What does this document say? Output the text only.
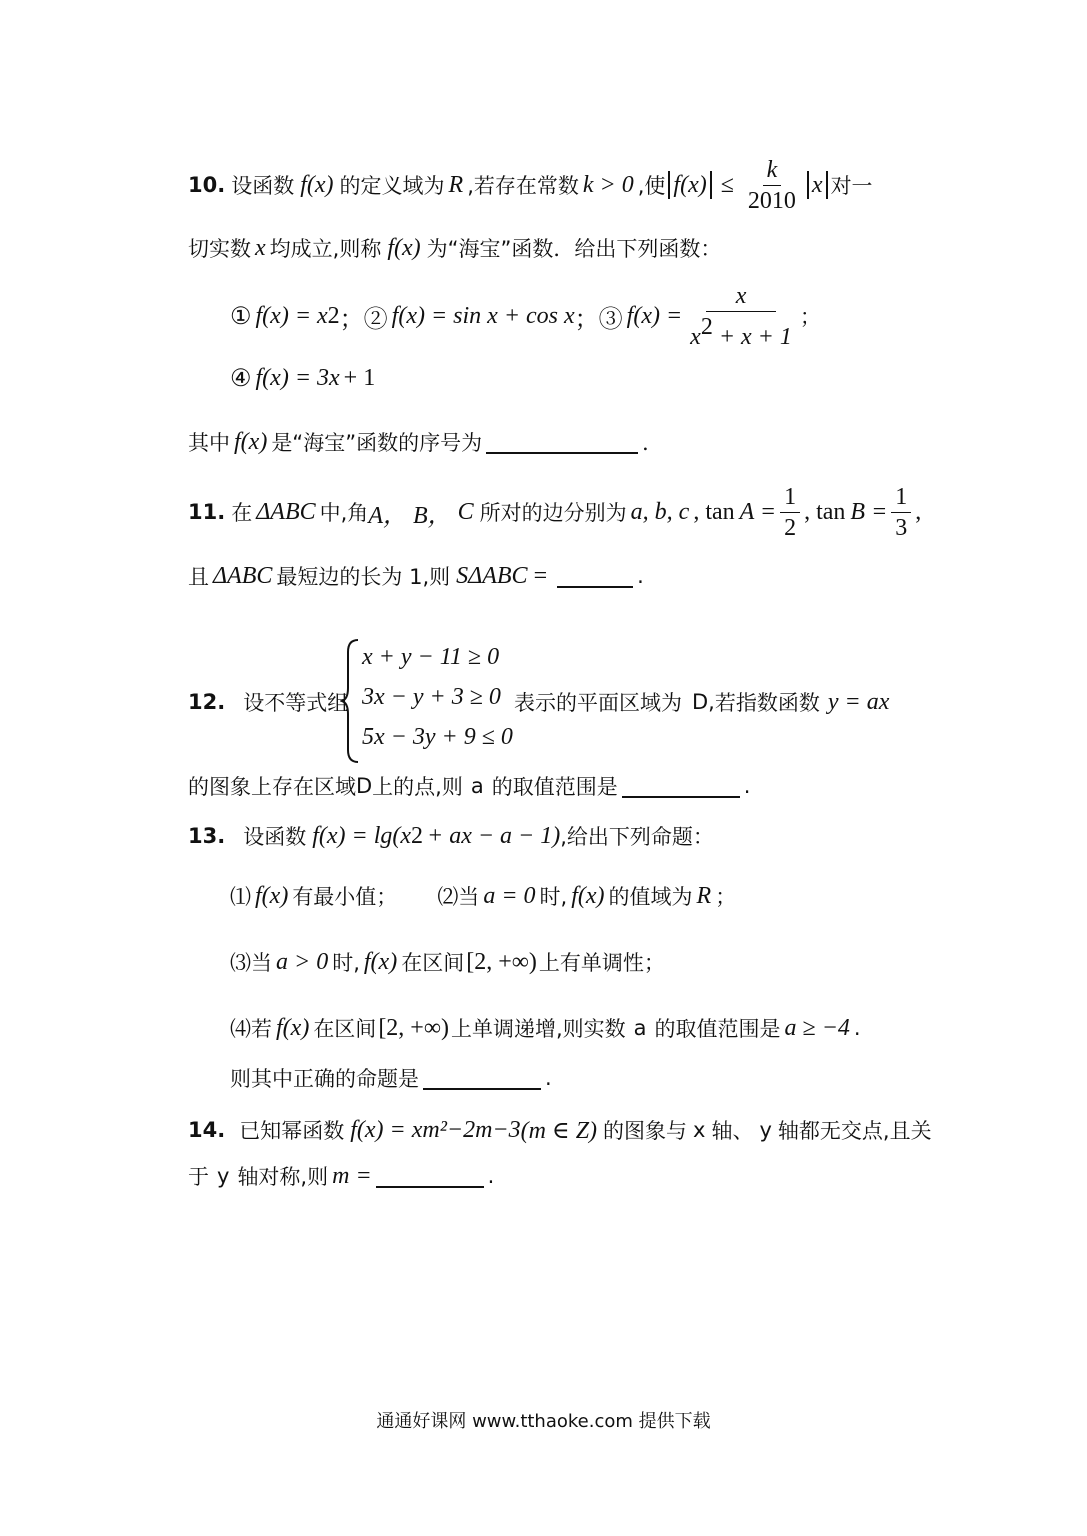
10. 设函数 f(x) 的定义域为 R ,若存在常数 k > 0 ,使 $f(x) \le \frac{k}{2010}$ x 对一
切实数 x 均成立,则称 f(x) 为“海宝”函数．给出下列函数：
① f(x) = x 2 ；② f(x) = sin x + cos x ；③ $f(x) = \frac{x}{x^2 + x + 1}$ ；
④ f(x) = 3 x + 1
其中 f(x) 是“海宝”函数的序号为	．
11. 在 ΔABC 中,角 A， B， C 所对的边分别为 a, b, c , $\tan A = \frac{1}{2}$ , $\tan B = \frac{1}{3}$ ,
且 ΔABC 最短边的长为 1,则 S ΔABC =	.
12. 设不等式组
x + y − 11 ≥ 0
3x − y + 3 ≥ 0
5x − 3y + 9 ≤ 0
表示的平面区域为 D, 若指数函数 y = a x
的图象上存在区域 D 上的点,则 a 的取值范围是	.
13. 设函数 f(x) = lg(x 2 + ax − a − 1) ,给出下列命题：
⑴ f(x) 有最小值； ⑵当 a = 0 时, f(x) 的值域为 R ；
⑶当 a > 0 时, f(x) 在区间 [2, +∞) 上有单调性；
⑷若 f(x) 在区间 [2, +∞) 上单调递增,则实数 a 的取值范围是 a ≥ −4 .
则其中正确的命题是	.
14. 已知幂函数 f(x) = x m²−2m−3 (m ∈ Z) 的图象与 x 轴、 y 轴都无交点,且关
于 y 轴对称,则 m =	.
通通好课网 www.tthaoke.com 提供下载
